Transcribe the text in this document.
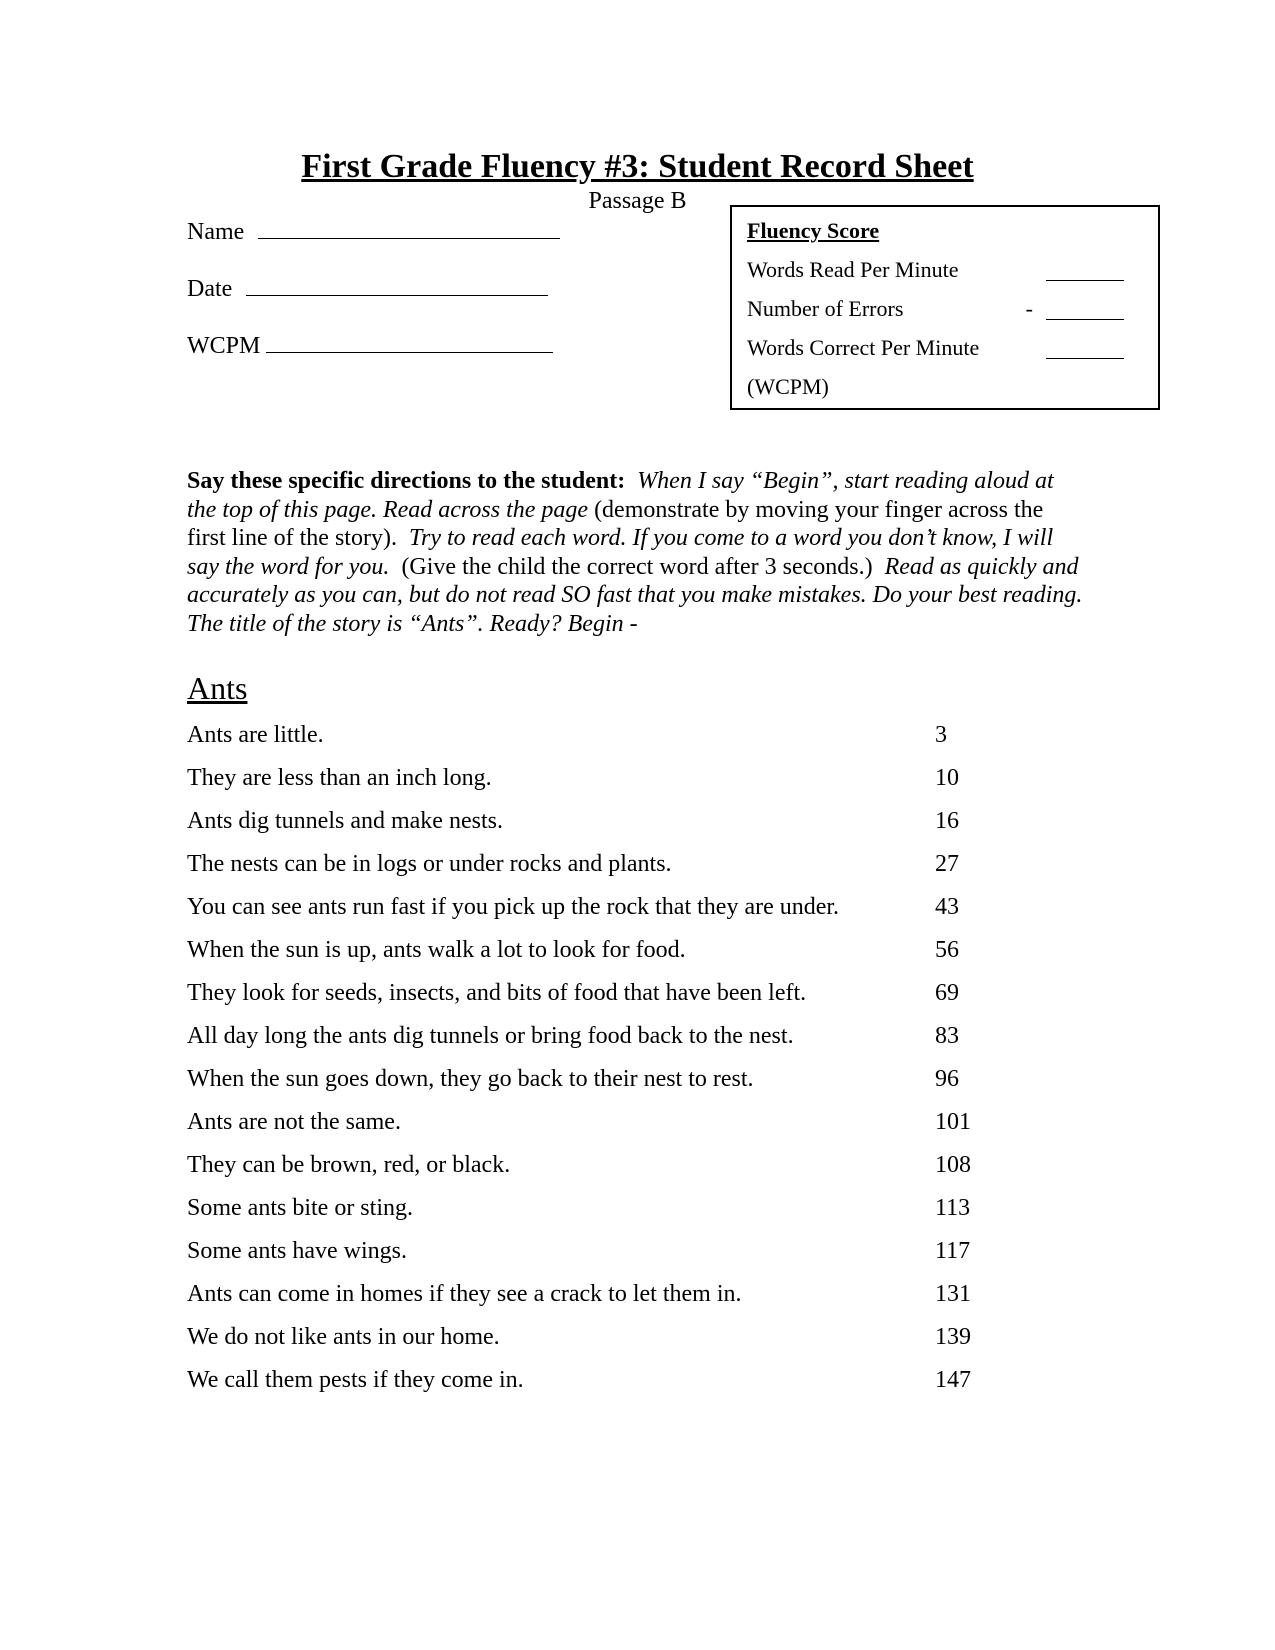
First Grade Fluency #3: Student Record Sheet
Passage B
Name
Date
WCPM
Fluency Score
Words Read Per Minute
Number of Errors	-
Words Correct Per Minute
(WCPM)

Say these specific directions to the student: When I say “Begin”, start reading aloud at the top of this page. Read across the page (demonstrate by moving your finger across the first line of the story). Try to read each word. If you come to a word you don’t know, I will say the word for you. (Give the child the correct word after 3 seconds.) Read as quickly and accurately as you can, but do not read SO fast that you make mistakes. Do your best reading. The title of the story is “Ants”. Ready? Begin -

Ants
Ants are little.	3
They are less than an inch long.	10
Ants dig tunnels and make nests.	16
The nests can be in logs or under rocks and plants.	27
You can see ants run fast if you pick up the rock that they are under.	43
When the sun is up, ants walk a lot to look for food.	56
They look for seeds, insects, and bits of food that have been left.	69
All day long the ants dig tunnels or bring food back to the nest.	83
When the sun goes down, they go back to their nest to rest.	96
Ants are not the same.	101
They can be brown, red, or black.	108
Some ants bite or sting.	113
Some ants have wings.	117
Ants can come in homes if they see a crack to let them in.	131
We do not like ants in our home.	139
We call them pests if they come in.	147
